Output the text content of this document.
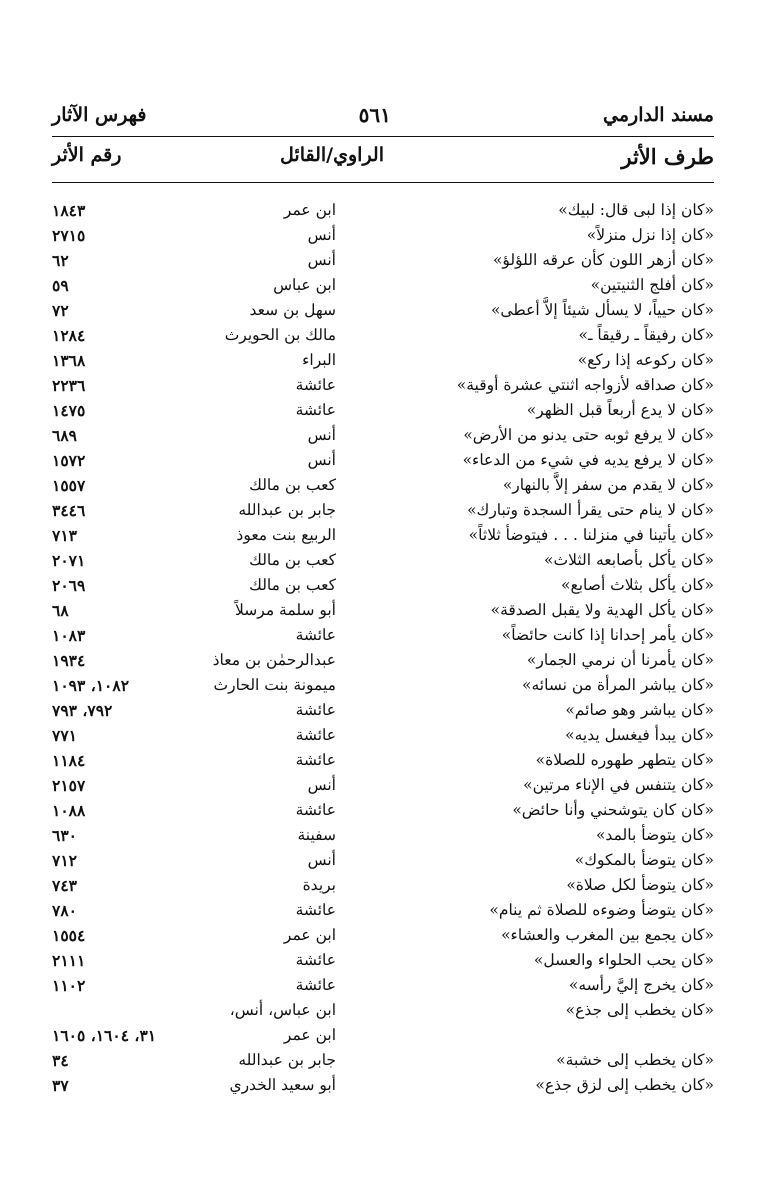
مسند الدارمي
٥٦١
فهرس الآثار
طرف الأثر
الراوي/القائل
رقم الأثر
«كان إذا لبى قال: لبيك»
ابن عمر
١٨٤٣
«كان إذا نزل منزلاً»
أنس
٢٧١٥
«كان أزهر اللون كأن عرقه اللؤلؤ»
أنس
٦٢
«كان أفلج الثنيتين»
ابن عباس
٥٩
«كان حيياً، لا يسأل شيئاً إلاَّ أعطى»
سهل بن سعد
٧٢
«كان رفيقاً ـ رقيقاً ـ»
مالك بن الحويرث
١٢٨٤
«كان ركوعه إذا ركع»
البراء
١٣٦٨
«كان صداقه لأزواجه اثنتي عشرة أوقية»
عائشة
٢٢٣٦
«كان لا يدع أربعاً قبل الظهر»
عائشة
١٤٧٥
«كان لا يرفع ثوبه حتى يدنو من الأرض»
أنس
٦٨٩
«كان لا يرفع يديه في شيء من الدعاء»
أنس
١٥٧٢
«كان لا يقدم من سفر إلاَّ بالنهار»
كعب بن مالك
١٥٥٧
«كان لا ينام حتى يقرأ السجدة وتبارك»
جابر بن عبدالله
٣٤٤٦
«كان يأتينا في منزلنا . . . فيتوضأ ثلاثاً»
الربيع بنت معوذ
٧١٣
«كان يأكل بأصابعه الثلاث»
كعب بن مالك
٢٠٧١
«كان يأكل بثلاث أصابع»
كعب بن مالك
٢٠٦٩
«كان يأكل الهدية ولا يقبل الصدقة»
أبو سلمة مرسلاً
٦٨
«كان يأمر إحدانا إذا كانت حائضاً»
عائشة
١٠٨٣
«كان يأمرنا أن نرمي الجمار»
عبدالرحمٰن بن معاذ
١٩٣٤
«كان يباشر المرأة من نسائه»
ميمونة بنت الحارث
١٠٨٢، ١٠٩٣
«كان يباشر وهو صائم»
عائشة
٧٩٢، ٧٩٣
«كان يبدأ فيغسل يديه»
عائشة
٧٧١
«كان يتطهر طهوره للصلاة»
عائشة
١١٨٤
«كان يتنفس في الإناء مرتين»
أنس
٢١٥٧
«كان كان يتوشحني وأنا حائض»
عائشة
١٠٨٨
«كان يتوضأ بالمد»
سفينة
٦٣٠
«كان يتوضأ بالمكوك»
أنس
٧١٢
«كان يتوضأ لكل صلاة»
بريدة
٧٤٣
«كان يتوضأ وضوءه للصلاة ثم ينام»
عائشة
٧٨٠
«كان يجمع بين المغرب والعشاء»
ابن عمر
١٥٥٤
«كان يحب الحلواء والعسل»
عائشة
٢١١١
«كان يخرج إليَّ رأسه»
عائشة
١١٠٢
«كان يخطب إلى جذع»
ابن عباس، أنس،
ابن عمر
٣١، ١٦٠٤، ١٦٠٥
«كان يخطب إلى خشبة»
جابر بن عبدالله
٣٤
«كان يخطب إلى لزق جذع»
أبو سعيد الخدري
٣٧
